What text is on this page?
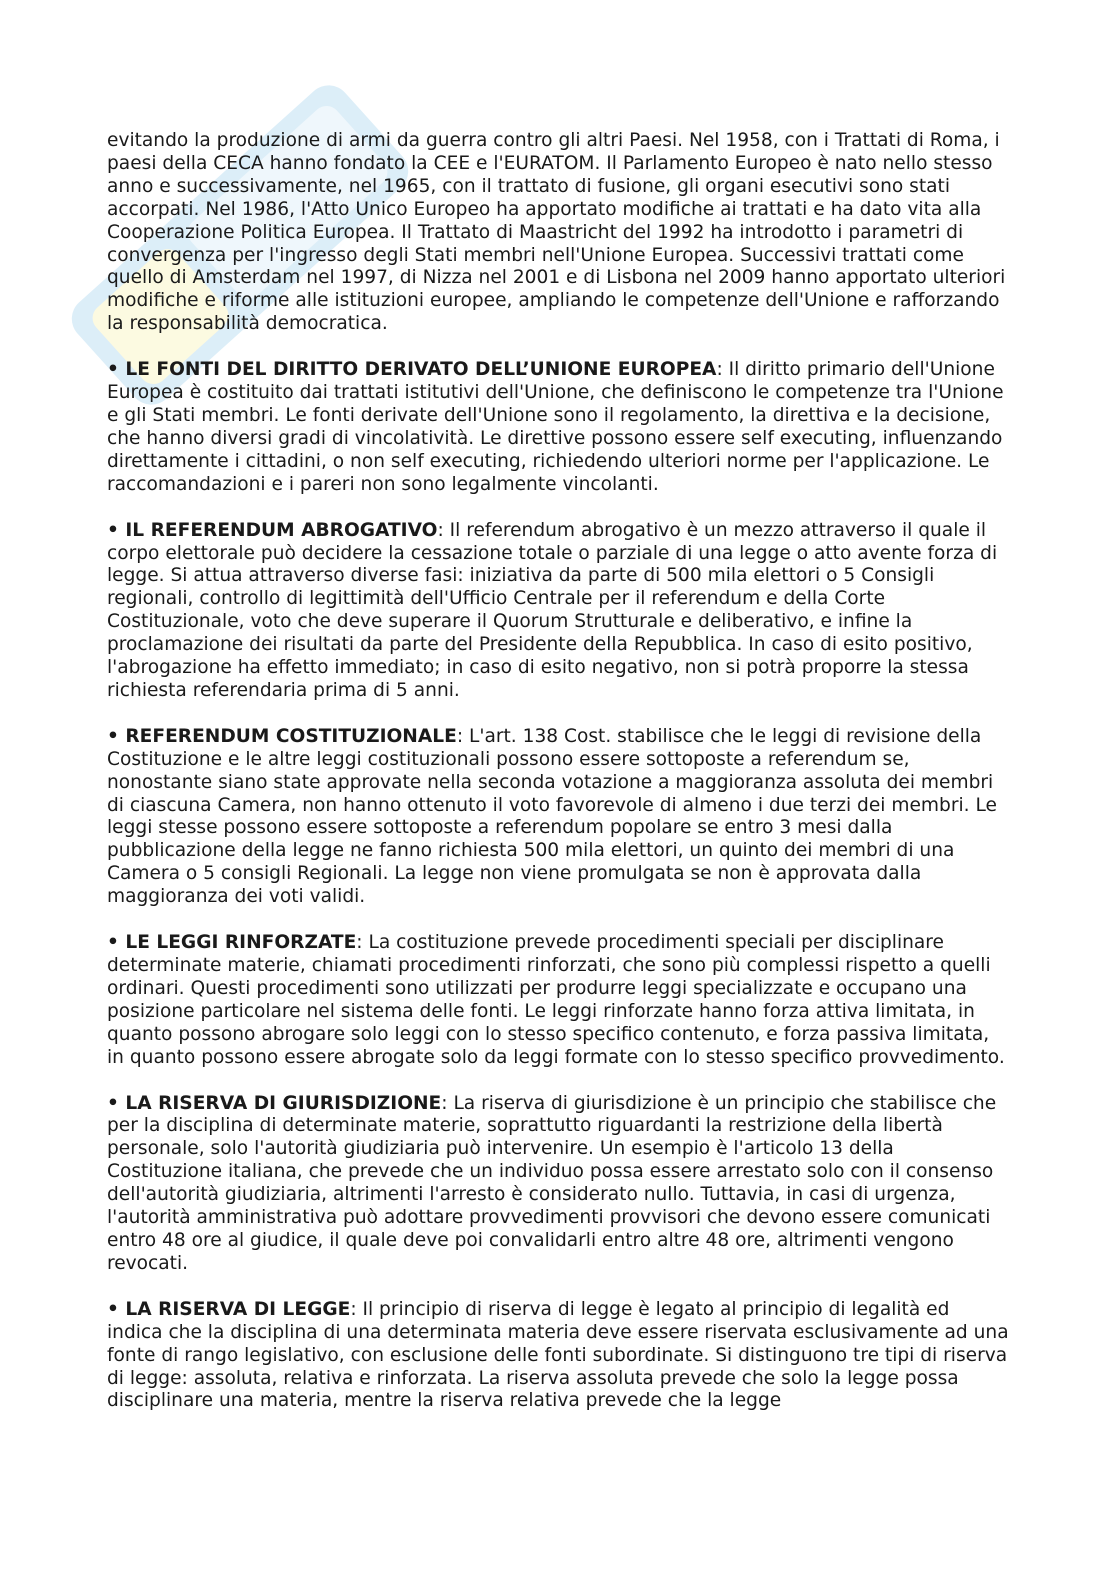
evitando la produzione di armi da guerra contro gli altri Paesi. Nel 1958, con i Trattati di Roma, i paesi della CECA hanno fondato la CEE e l'EURATOM. Il Parlamento Europeo è nato nello stesso anno e successivamente, nel 1965, con il trattato di fusione, gli organi esecutivi sono stati accorpati. Nel 1986, l'Atto Unico Europeo ha apportato modifiche ai trattati e ha dato vita alla Cooperazione Politica Europea. Il Trattato di Maastricht del 1992 ha introdotto i parametri di convergenza per l'ingresso degli Stati membri nell'Unione Europea. Successivi trattati come quello di Amsterdam nel 1997, di Nizza nel 2001 e di Lisbona nel 2009 hanno apportato ulteriori modifiche e riforme alle istituzioni europee, ampliando le competenze dell'Unione e rafforzando la responsabilità democratica.

• LE FONTI DEL DIRITTO DERIVATO DELL’UNIONE EUROPEA: Il diritto primario dell'Unione Europea è costituito dai trattati istitutivi dell'Unione, che definiscono le competenze tra l'Unione e gli Stati membri. Le fonti derivate dell'Unione sono il regolamento, la direttiva e la decisione, che hanno diversi gradi di vincolatività. Le direttive possono essere self executing, influenzando direttamente i cittadini, o non self executing, richiedendo ulteriori norme per l'applicazione. Le raccomandazioni e i pareri non sono legalmente vincolanti.

• IL REFERENDUM ABROGATIVO: Il referendum abrogativo è un mezzo attraverso il quale il corpo elettorale può decidere la cessazione totale o parziale di una legge o atto avente forza di legge. Si attua attraverso diverse fasi: iniziativa da parte di 500 mila elettori o 5 Consigli regionali, controllo di legittimità dell'Ufficio Centrale per il referendum e della Corte Costituzionale, voto che deve superare il Quorum Strutturale e deliberativo, e infine la proclamazione dei risultati da parte del Presidente della Repubblica. In caso di esito positivo, l'abrogazione ha effetto immediato; in caso di esito negativo, non si potrà proporre la stessa richiesta referendaria prima di 5 anni.

• REFERENDUM COSTITUZIONALE: L'art. 138 Cost. stabilisce che le leggi di revisione della Costituzione e le altre leggi costituzionali possono essere sottoposte a referendum se, nonostante siano state approvate nella seconda votazione a maggioranza assoluta dei membri di ciascuna Camera, non hanno ottenuto il voto favorevole di almeno i due terzi dei membri. Le leggi stesse possono essere sottoposte a referendum popolare se entro 3 mesi dalla pubblicazione della legge ne fanno richiesta 500 mila elettori, un quinto dei membri di una Camera o 5 consigli Regionali. La legge non viene promulgata se non è approvata dalla maggioranza dei voti validi.

• LE LEGGI RINFORZATE: La costituzione prevede procedimenti speciali per disciplinare determinate materie, chiamati procedimenti rinforzati, che sono più complessi rispetto a quelli ordinari. Questi procedimenti sono utilizzati per produrre leggi specializzate e occupano una posizione particolare nel sistema delle fonti. Le leggi rinforzate hanno forza attiva limitata, in quanto possono abrogare solo leggi con lo stesso specifico contenuto, e forza passiva limitata, in quanto possono essere abrogate solo da leggi formate con lo stesso specifico provvedimento.

• LA RISERVA DI GIURISDIZIONE: La riserva di giurisdizione è un principio che stabilisce che per la disciplina di determinate materie, soprattutto riguardanti la restrizione della libertà personale, solo l'autorità giudiziaria può intervenire. Un esempio è l'articolo 13 della Costituzione italiana, che prevede che un individuo possa essere arrestato solo con il consenso dell'autorità giudiziaria, altrimenti l'arresto è considerato nullo. Tuttavia, in casi di urgenza, l'autorità amministrativa può adottare provvedimenti provvisori che devono essere comunicati entro 48 ore al giudice, il quale deve poi convalidarli entro altre 48 ore, altrimenti vengono revocati.

• LA RISERVA DI LEGGE: Il principio di riserva di legge è legato al principio di legalità ed indica che la disciplina di una determinata materia deve essere riservata esclusivamente ad una fonte di rango legislativo, con esclusione delle fonti subordinate. Si distinguono tre tipi di riserva di legge: assoluta, relativa e rinforzata. La riserva assoluta prevede che solo la legge possa disciplinare una materia, mentre la riserva relativa prevede che la legge
